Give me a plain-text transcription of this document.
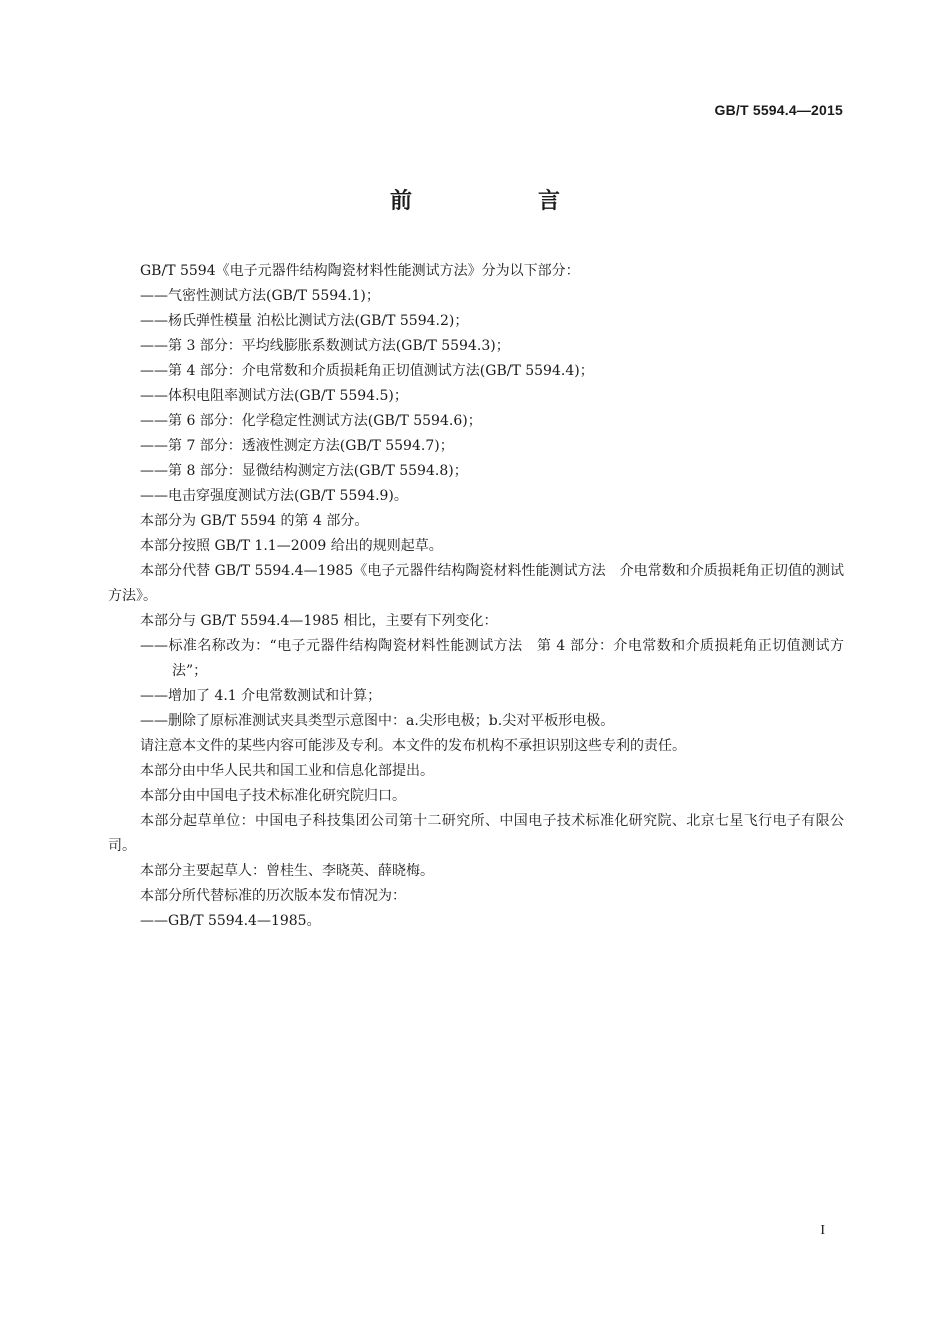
GB/T 5594.4—2015
前　言

GB/T 5594《电子元器件结构陶瓷材料性能测试方法》分为以下部分：

——气密性测试方法(GB/T 5594.1)；

——杨氏弹性模量 泊松比测试方法(GB/T 5594.2)；

——第 3 部分：平均线膨胀系数测试方法(GB/T 5594.3)；

——第 4 部分：介电常数和介质损耗角正切值测试方法(GB/T 5594.4)；

——体积电阻率测试方法(GB/T 5594.5)；

——第 6 部分：化学稳定性测试方法(GB/T 5594.6)；

——第 7 部分：透液性测定方法(GB/T 5594.7)；

——第 8 部分：显微结构测定方法(GB/T 5594.8)；

——电击穿强度测试方法(GB/T 5594.9)。

本部分为 GB/T 5594 的第 4 部分。

本部分按照 GB/T 1.1—2009 给出的规则起草。

本部分代替 GB/T 5594.4—1985《电子元器件结构陶瓷材料性能测试方法　介电常数和介质损耗角正切值的测试方法》。

本部分与 GB/T 5594.4—1985 相比，主要有下列变化：

——标准名称改为：“电子元器件结构陶瓷材料性能测试方法　第 4 部分：介电常数和介质损耗角正切值测试方法”；

——增加了 4.1 介电常数测试和计算；

——删除了原标准测试夹具类型示意图中：a.尖形电极；b.尖对平板形电极。

请注意本文件的某些内容可能涉及专利。本文件的发布机构不承担识别这些专利的责任。

本部分由中华人民共和国工业和信息化部提出。

本部分由中国电子技术标准化研究院归口。

本部分起草单位：中国电子科技集团公司第十二研究所、中国电子技术标准化研究院、北京七星飞行电子有限公司。

本部分主要起草人：曾桂生、李晓英、薛晓梅。

本部分所代替标准的历次版本发布情况为：

——GB/T 5594.4—1985。

I
